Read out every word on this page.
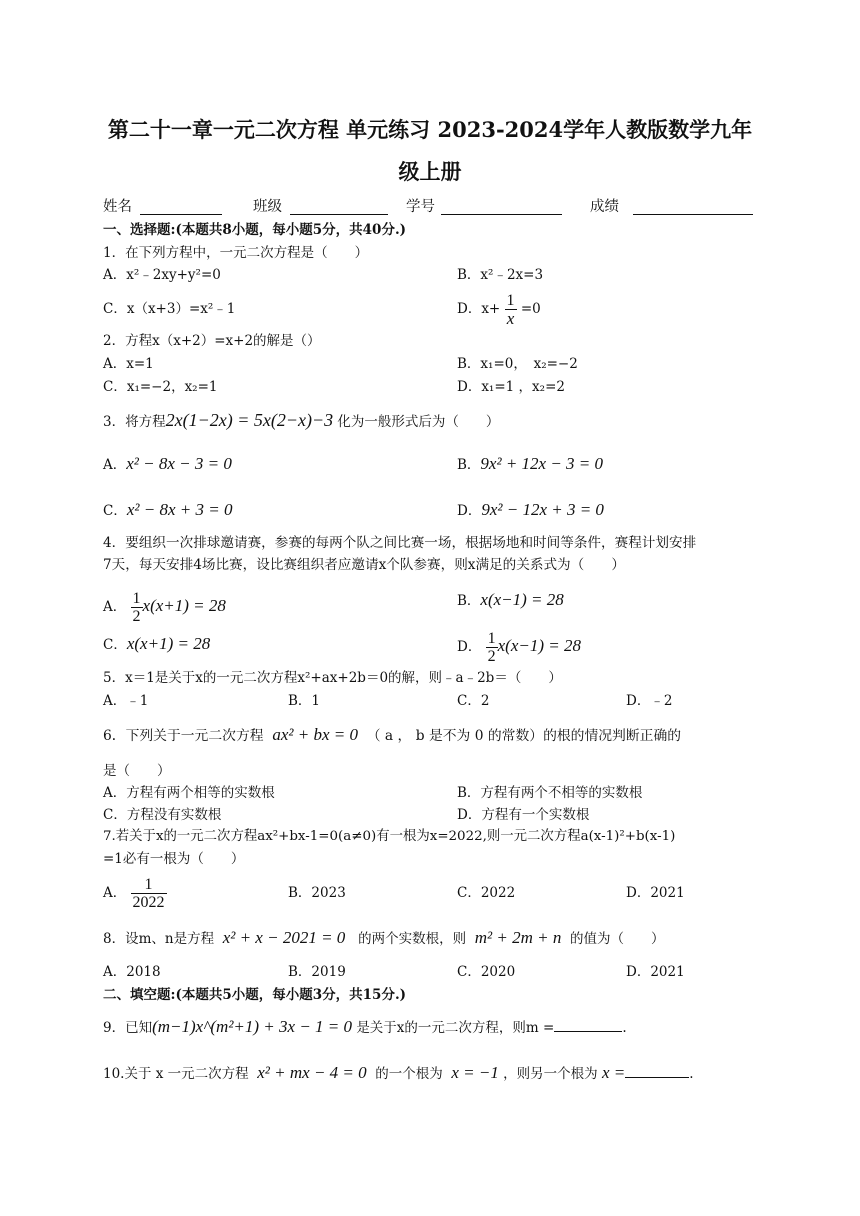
第二十一章一元二次方程 单元练习 2023-2024学年人教版数学九年
级上册
姓名	班级	学号	成绩
一、选择题:(本题共8小题，每小题5分，共40分.)
1．在下列方程中，一元二次方程是（　　）
A．x²﹣2xy+y²=0	B．x²﹣2x=3
C．x（x+3）=x²﹣1	D．$x+ \frac{1}{x} =0$
2．方程x（x+2）=x+2的解是（）
A．x=1	B．x₁=0，　x₂=−2
C．x₁=−2，x₂=1	D．x₁=1 ，x₂=2
3．将方程2x(1−2x) = 5x(2−x)−3 化为一般形式后为（　　）
A．x² − 8x − 3 = 0	B．9x² + 12x − 3 = 0
C．x² − 8x + 3 = 0	D．9x² − 12x + 3 = 0
4．要组织一次排球邀请赛，参赛的每两个队之间比赛一场，根据场地和时间等条件，赛程计划安排
7天，每天安排4场比赛，设比赛组织者应邀请x个队参赛，则x满足的关系式为（　　）
A． $\frac{1}{2} x(x+1) = 28$	B．x(x−1) = 28
C．x(x+1) = 28	D． $\frac{1}{2} x(x-1) = 28$
5．x＝1是关于x的一元二次方程x²+ax+2b＝0的解，则﹣a﹣2b＝（　　）
A．﹣1	B．1	C．2	D．﹣2
6．下列关于一元二次方程 ax² + bx = 0 （ a ， b 是不为 0 的常数）的根的情况判断正确的
是（　　）
A．方程有两个相等的实数根	B．方程有两个不相等的实数根
C．方程没有实数根	D．方程有一个实数根
7.若关于x的一元二次方程ax²+bx-1=0(a≠0)有一根为x=2022,则一元二次方程a(x-1)²+b(x-1)
=1必有一根为（　　）
A． $\frac{1}{2022}$	B．2023	C．2022	D．2021
8．设m、n是方程 x² + x − 2021 = 0 的两个实数根，则 m² + 2m + n 的值为（　　）
A．2018	B．2019	C．2020	D．2021
二、填空题:(本题共5小题，每小题3分，共15分.)
9．已知(m−1)x^(m²+1) + 3x − 1 = 0 是关于x的一元二次方程，则m =	.
10.关于 x 一元二次方程 x² + mx − 4 = 0 的一个根为 x = −1 ，则另一个根为 x =	.
